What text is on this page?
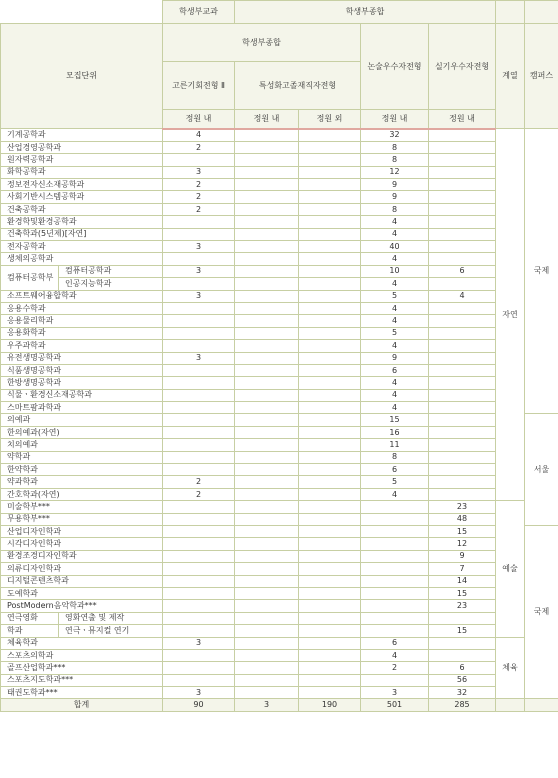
		학생부교과	학생부종합					
모집단위		학생부종합			논술우수자전형	실기우수자전형	계열	캠퍼스
		고른기회전형 Ⅱ	특성화고졸재직자전형					
		정원 내	정원 내	정원 외	정원 내	정원 내		
기계공학과		4			32		자연	국제
산업경영공학과		2			8			
원자력공학과					8			
화학공학과		3			12			
정보전자신소재공학과		2			9			
사회기반시스템공학과		2			9			
건축공학과		2			8			
환경학및환경공학과					4			
건축학과(5년제)[자연]					4			
전자공학과		3			40			
생체의공학과					4			
컴퓨터공학부	컴퓨터공학과	3			10	6		
	인공지능학과				4			
소프트웨어융합학과		3			5	4		
응용수학과					4			
응용물리학과					4			
응용화학과					5			
우주과학과					4			
유전생명공학과		3			9			
식품생명공학과					6			
한방생명공학과					4			
식물ㆍ환경신소재공학과					4			
스마트팜과학과					4			
의예과					15			서울
한의예과(자연)					16			
치의예과					11			
약학과					8			
한약학과					6			
약과학과		2			5			
간호학과(자연)		2			4			
미술학부***						23	예술	
무용학부***						48		
산업디자인학과						15		국제
시각디자인학과						12		
환경조경디자인학과						9		
의류디자인학과						7		
디지털콘텐츠학과						14		
도예학과						15		
PostModern음악학과***						23		
연극영화	영화연출 및 제작							
학과	연극ㆍ뮤지컬 연기					15		
체육학과		3			6		체육	
스포츠의학과					4			
골프산업학과***					2	6		
스포츠지도학과***						56		
태권도학과***		3			3	32		
합계		90	3	190	501	285		
